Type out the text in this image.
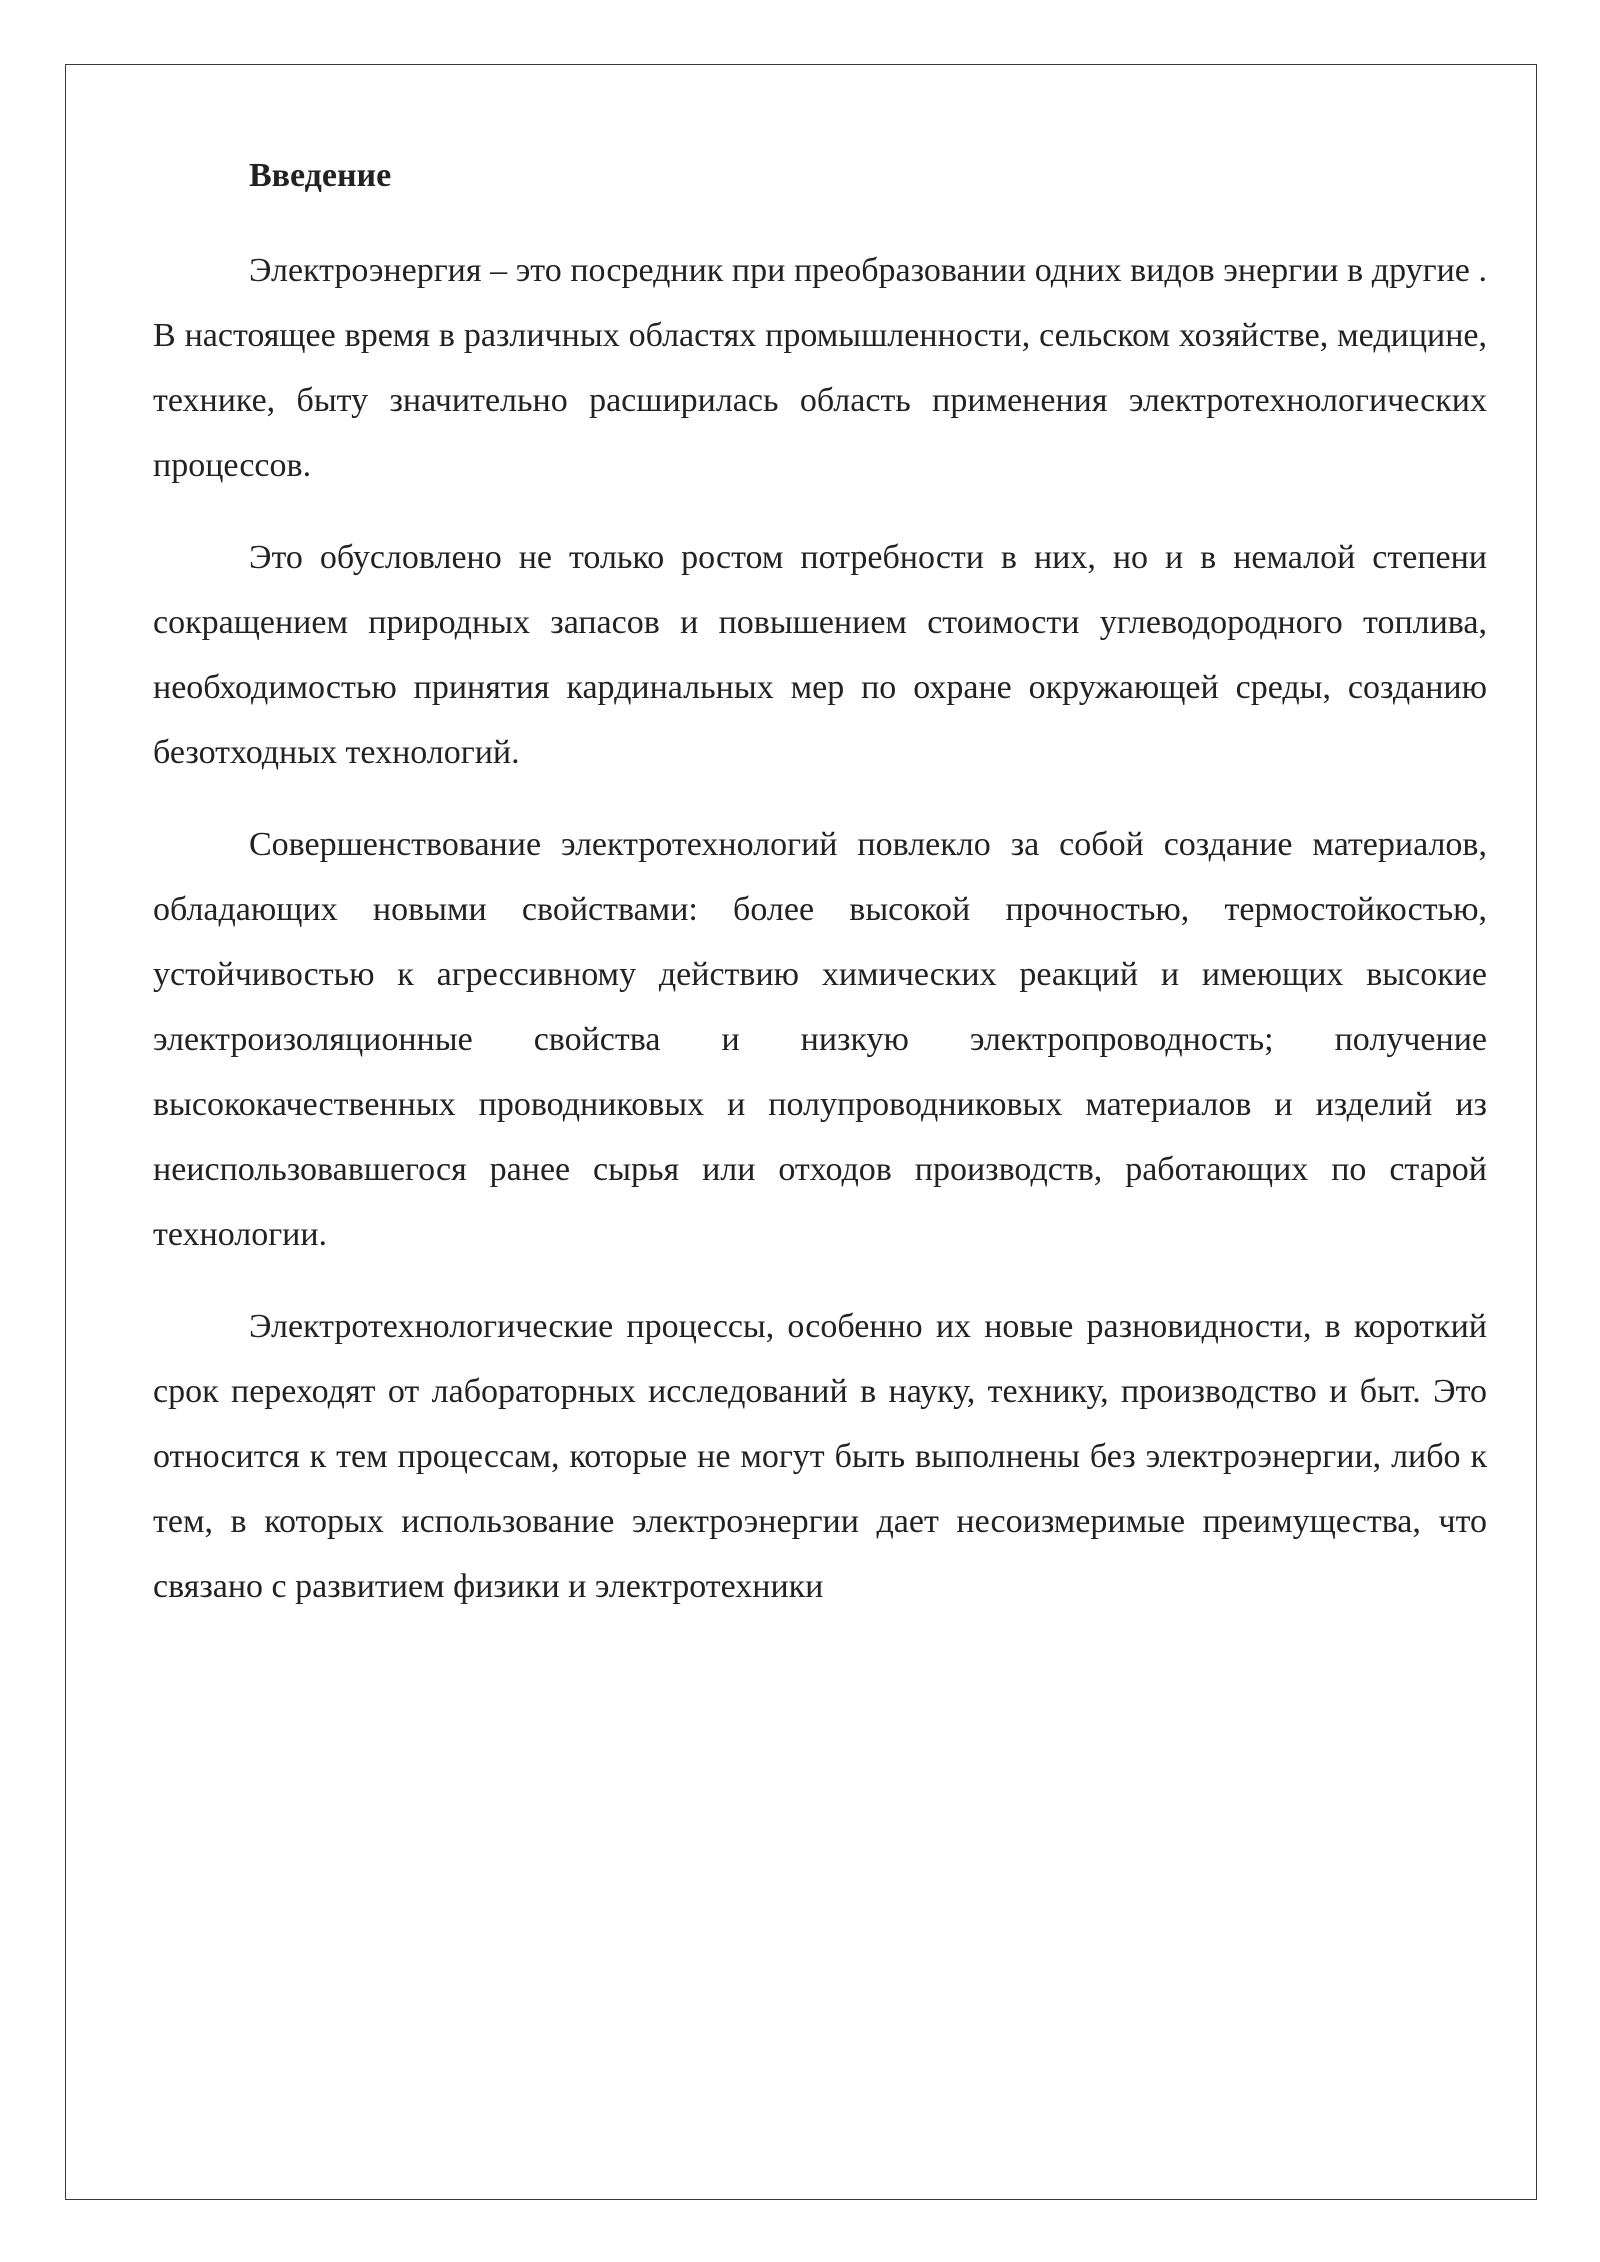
Введение

Электроэнергия – это посредник при преобразовании одних видов энергии в другие . В настоящее время в различных областях промышленности, сельском хозяйстве, медицине, технике, быту значительно расширилась область применения электротехнологических процессов.

Это обусловлено не только ростом потребности в них, но и в немалой степени сокращением природных запасов и повышением стоимости углеводородного топлива, необходимостью принятия кардинальных мер по охране окружающей среды, созданию безотходных технологий.

Совершенствование электротехнологий повлекло за собой создание материалов, обладающих новыми свойствами: более высокой прочностью, термостойкостью, устойчивостью к агрессивному действию химических реакций и имеющих высокие электроизоляционные свойства и низкую электропроводность; получение высококачественных проводниковых и полупроводниковых материалов и изделий из неиспользовавшегося ранее сырья или отходов производств, работающих по старой технологии.

Электротехнологические процессы, особенно их новые разновидности, в короткий срок переходят от лабораторных исследований в науку, технику, производство и быт. Это относится к тем процессам, которые не могут быть выполнены без электроэнергии, либо к тем, в которых использование электроэнергии дает несоизмеримые преимущества, что связано с развитием физики и электротехники
